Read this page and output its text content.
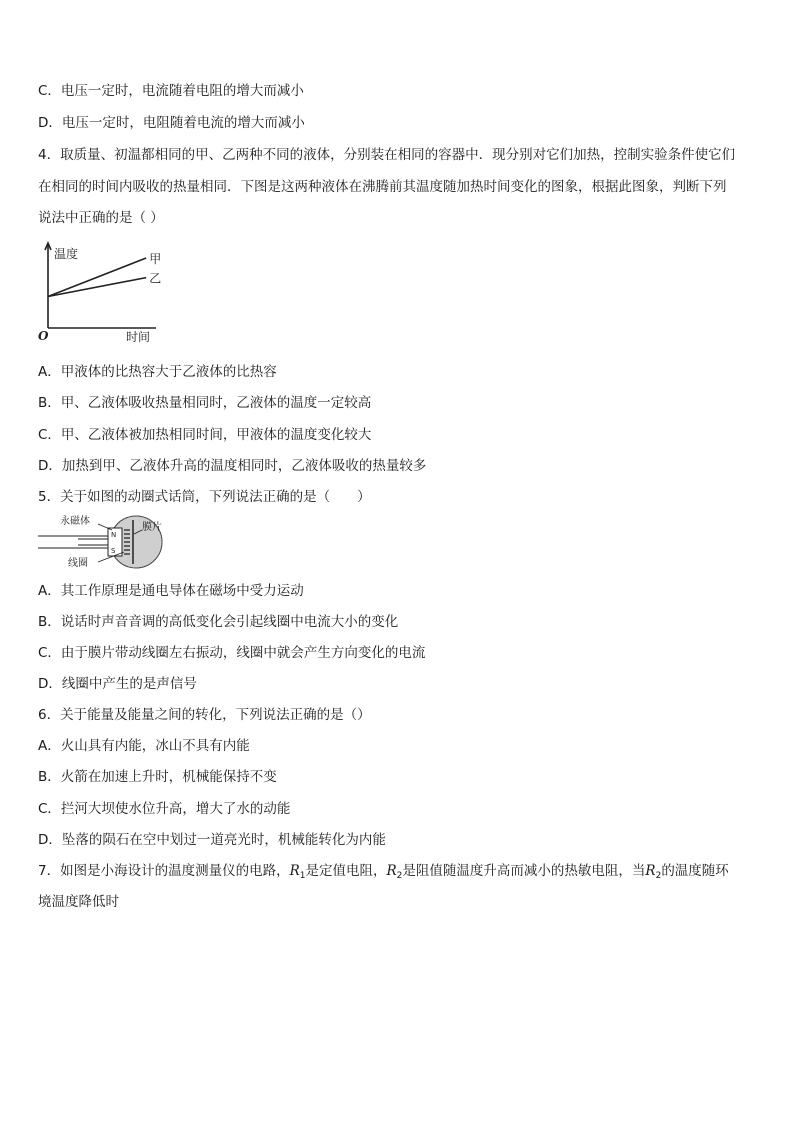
C．电压一定时，电流随着电阻的增大而减小
D．电压一定时，电阻随着电流的增大而减小
4．取质量、初温都相同的甲、乙两种不同的液体，分别装在相同的容器中．现分别对它们加热，控制实验条件使它们
在相同的时间内吸收的热量相同．下图是这两种液体在沸腾前其温度随加热时间变化的图象，根据此图象，判断下列
说法中正确的是（ ）
温度
时间
O
甲
乙
A．甲液体的比热容大于乙液体的比热容
B．甲、乙液体吸收热量相同时，乙液体的温度一定较高
C．甲、乙液体被加热相同时间，甲液体的温度变化较大
D．加热到甲、乙液体升高的温度相同时，乙液体吸收的热量较多
5．关于如图的动圈式话筒，下列说法正确的是（　　）
N
S
永磁体
膜片
线圈
A．其工作原理是通电导体在磁场中受力运动
B．说话时声音音调的高低变化会引起线圈中电流大小的变化
C．由于膜片带动线圈左右振动，线圈中就会产生方向变化的电流
D．线圈中产生的是声信号
6．关于能量及能量之间的转化，下列说法正确的是（）
A．火山具有内能，冰山不具有内能
B．火箭在加速上升时，机械能保持不变
C．拦河大坝使水位升高，增大了水的动能
D．坠落的陨石在空中划过一道亮光时，机械能转化为内能
7．如图是小海设计的温度测量仪的电路，$R_1$是定值电阻，$R_2$是阻值随温度升高而减小的热敏电阻，当$R_2$的温度随环
境温度降低时
